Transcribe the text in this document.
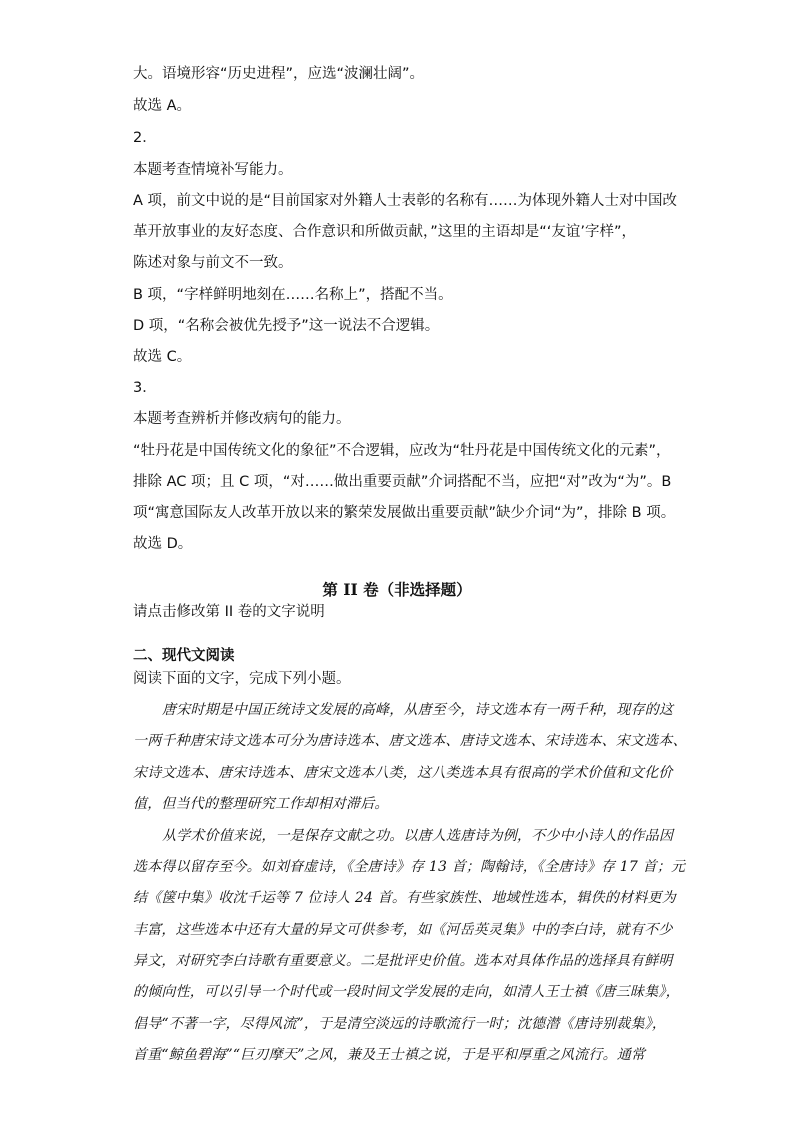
大。语境形容“历史进程”，应选“波澜壮阔”。
故选 A。
2．
本题考查情境补写能力。
A 项，前文中说的是“目前国家对外籍人士表彰的名称有……为体现外籍人士对中国改
革开放事业的友好态度、合作意识和所做贡献，”这里的主语却是“‘友谊’字样”，
陈述对象与前文不一致。
B 项，“字样鲜明地刻在……名称上”，搭配不当。
D 项，“名称会被优先授予”这一说法不合逻辑。
故选 C。
3．
本题考查辨析并修改病句的能力。
“牡丹花是中国传统文化的象征”不合逻辑，应改为“牡丹花是中国传统文化的元素”，
排除 AC 项；且 C 项，“对……做出重要贡献”介词搭配不当，应把“对”改为“为”。B
项“寓意国际友人改革开放以来的繁荣发展做出重要贡献”缺少介词“为”，排除 B 项。
故选 D。
第 II 卷（非选择题）
请点击修改第 II 卷的文字说明
二、现代文阅读
阅读下面的文字，完成下列小题。
唐宋时期是中国正统诗文发展的高峰，从唐至今，诗文选本有一两千种，现存的这
一两千种唐宋诗文选本可分为唐诗选本、唐文选本、唐诗文选本、宋诗选本、宋文选本、
宋诗文选本、唐宋诗选本、唐宋文选本八类，这八类选本具有很高的学术价值和文化价
值，但当代的整理研究工作却相对滞后。
从学术价值来说，一是保存文献之功。以唐人选唐诗为例，不少中小诗人的作品因
选本得以留存至今。如刘眘虚诗，《全唐诗》存 13 首；陶翰诗，《全唐诗》存 17 首；元
结《箧中集》收沈千运等 7 位诗人 24 首。有些家族性、地域性选本，辑佚的材料更为
丰富，这些选本中还有大量的异文可供参考，如《河岳英灵集》中的李白诗，就有不少
异文，对研究李白诗歌有重要意义。二是批评史价值。选本对具体作品的选择具有鲜明
的倾向性，可以引导一个时代或一段时间文学发展的走向，如清人王士禛《唐三昧集》，
倡导“不著一字，尽得风流”，于是清空淡远的诗歌流行一时；沈德潜《唐诗别裁集》，
首重“鲸鱼碧海”“巨刃摩天”之风，兼及王士禛之说，于是平和厚重之风流行。通常
